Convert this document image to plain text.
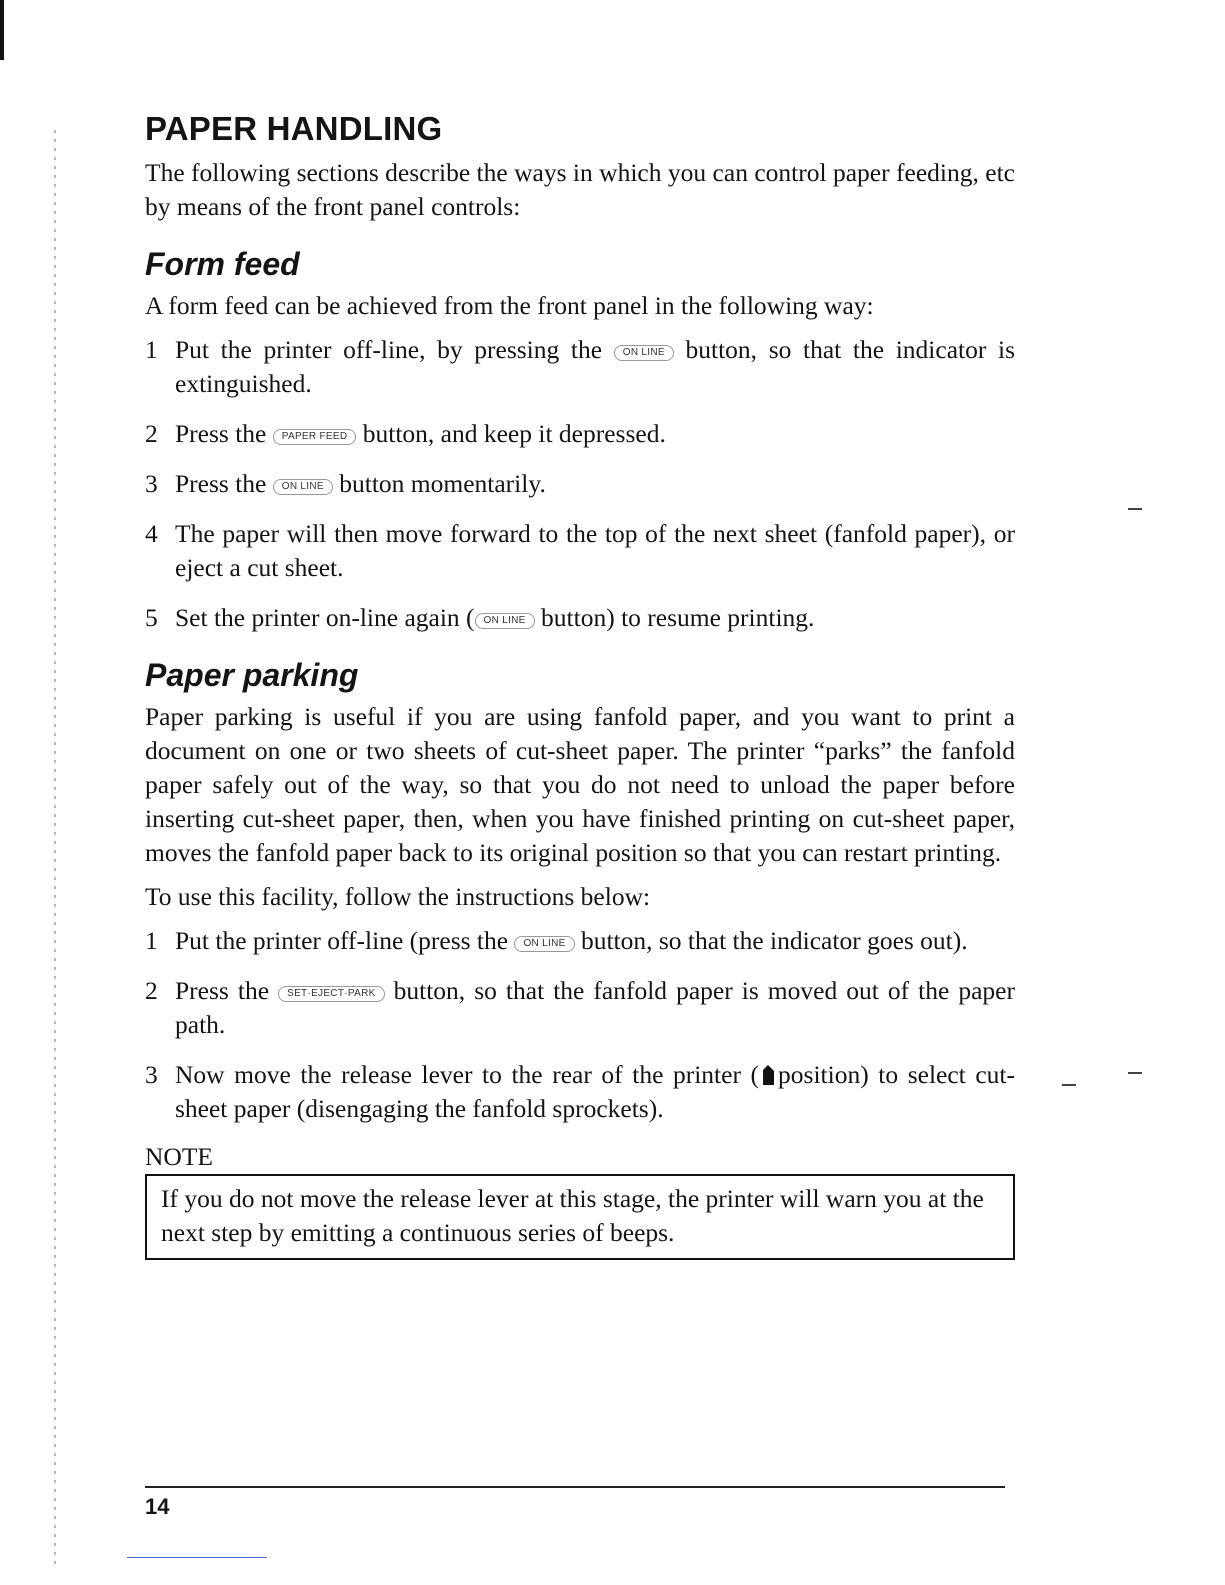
PAPER HANDLING

The following sections describe the ways in which you can control paper feeding, etc by means of the front panel controls:

Form feed

A form feed can be achieved from the front panel in the following way:

1 Put the printer off-line, by pressing the ON LINE button, so that the indicator is extinguished.
2 Press the PAPER FEED button, and keep it depressed.
3 Press the ON LINE button momentarily.
4 The paper will then move forward to the top of the next sheet (fanfold paper), or eject a cut sheet.
5 Set the printer on-line again ( ON LINE button) to resume printing.
Paper parking

Paper parking is useful if you are using fanfold paper, and you want to print a document on one or two sheets of cut-sheet paper. The printer “parks” the fanfold paper safely out of the way, so that you do not need to unload the paper before inserting cut-sheet paper, then, when you have finished printing on cut-sheet paper, moves the fanfold paper back to its original position so that you can restart printing.

To use this facility, follow the instructions below:

1 Put the printer off-line (press the ON LINE button, so that the indicator goes out).
2 Press the SET·EJECT·PARK button, so that the fanfold paper is moved out of the paper path.
3 Now move the release lever to the rear of the printer ( position) to select cut-sheet paper (disengaging the fanfold sprockets).
NOTE
If you do not move the release lever at this stage, the printer will warn you at the next step by emitting a continuous series of beeps.
14
